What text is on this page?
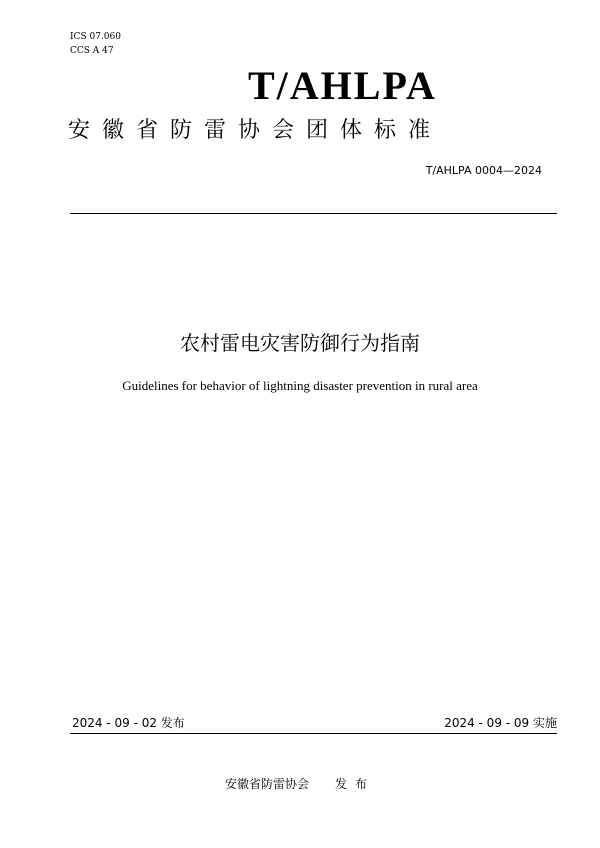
ICS 07.060
CCS A 47
T/AHLPA
安徽省防雷协会团体标准
T/AHLPA 0004—2024
农村雷电灾害防御行为指南
Guidelines for behavior of lightning disaster prevention in rural area
2024 - 09 - 02 发布	2024 - 09 - 09 实施
安徽省防雷协会 发布
